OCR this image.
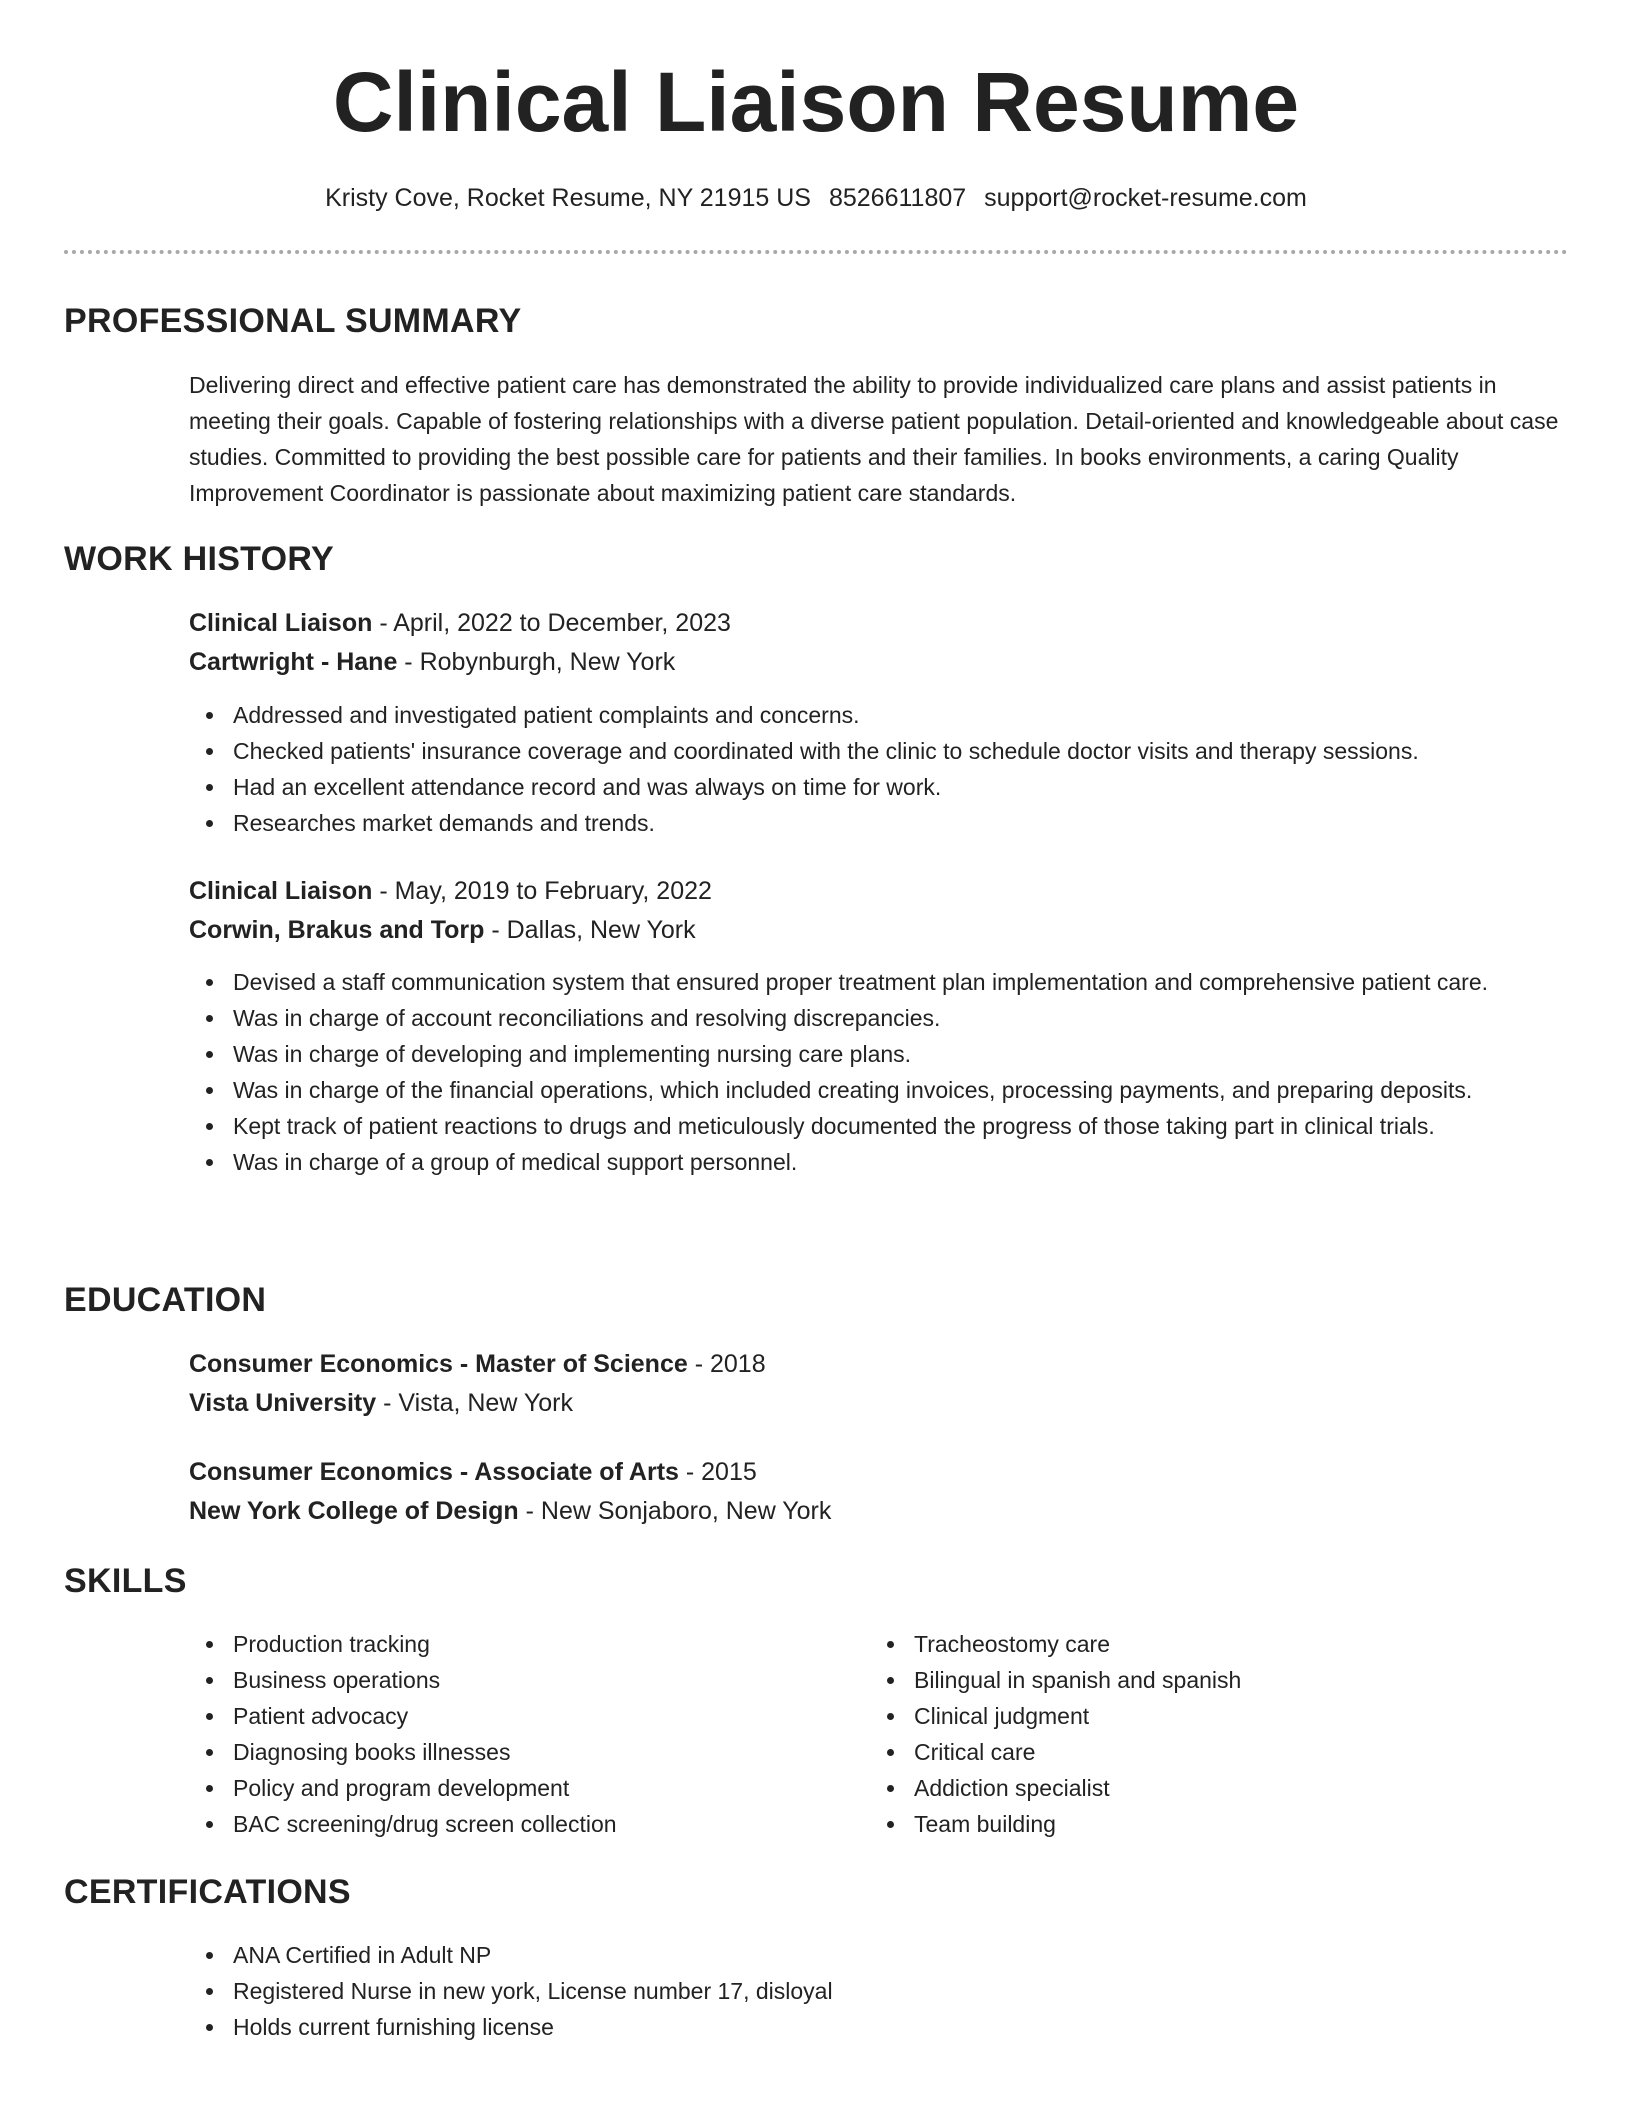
Clinical Liaison Resume
Kristy Cove, Rocket Resume, NY 21915 US 8526611807 support@rocket-resume.com
PROFESSIONAL SUMMARY

Delivering direct and effective patient care has demonstrated the ability to provide individualized care plans and assist patients in meeting their goals. Capable of fostering relationships with a diverse patient population. Detail-oriented and knowledgeable about case studies. Committed to providing the best possible care for patients and their families. In books environments, a caring Quality Improvement Coordinator is passionate about maximizing patient care standards.

WORK HISTORY

Clinical Liaison - April, 2022 to December, 2023

Cartwright - Hane - Robynburgh, New York

Addressed and investigated patient complaints and concerns.
Checked patients' insurance coverage and coordinated with the clinic to schedule doctor visits and therapy sessions.
Had an excellent attendance record and was always on time for work.
Researches market demands and trends.

Clinical Liaison - May, 2019 to February, 2022

Corwin, Brakus and Torp - Dallas, New York

Devised a staff communication system that ensured proper treatment plan implementation and comprehensive patient care.
Was in charge of account reconciliations and resolving discrepancies.
Was in charge of developing and implementing nursing care plans.
Was in charge of the financial operations, which included creating invoices, processing payments, and preparing deposits.
Kept track of patient reactions to drugs and meticulously documented the progress of those taking part in clinical trials.
Was in charge of a group of medical support personnel.
EDUCATION

Consumer Economics - Master of Science - 2018

Vista University - Vista, New York

Consumer Economics - Associate of Arts - 2015

New York College of Design - New Sonjaboro, New York

SKILLS
Production tracking
Business operations
Patient advocacy
Diagnosing books illnesses
Policy and program development
BAC screening/drug screen collection
Tracheostomy care
Bilingual in spanish and spanish
Clinical judgment
Critical care
Addiction specialist
Team building
CERTIFICATIONS
ANA Certified in Adult NP
Registered Nurse in new york, License number 17, disloyal
Holds current furnishing license
